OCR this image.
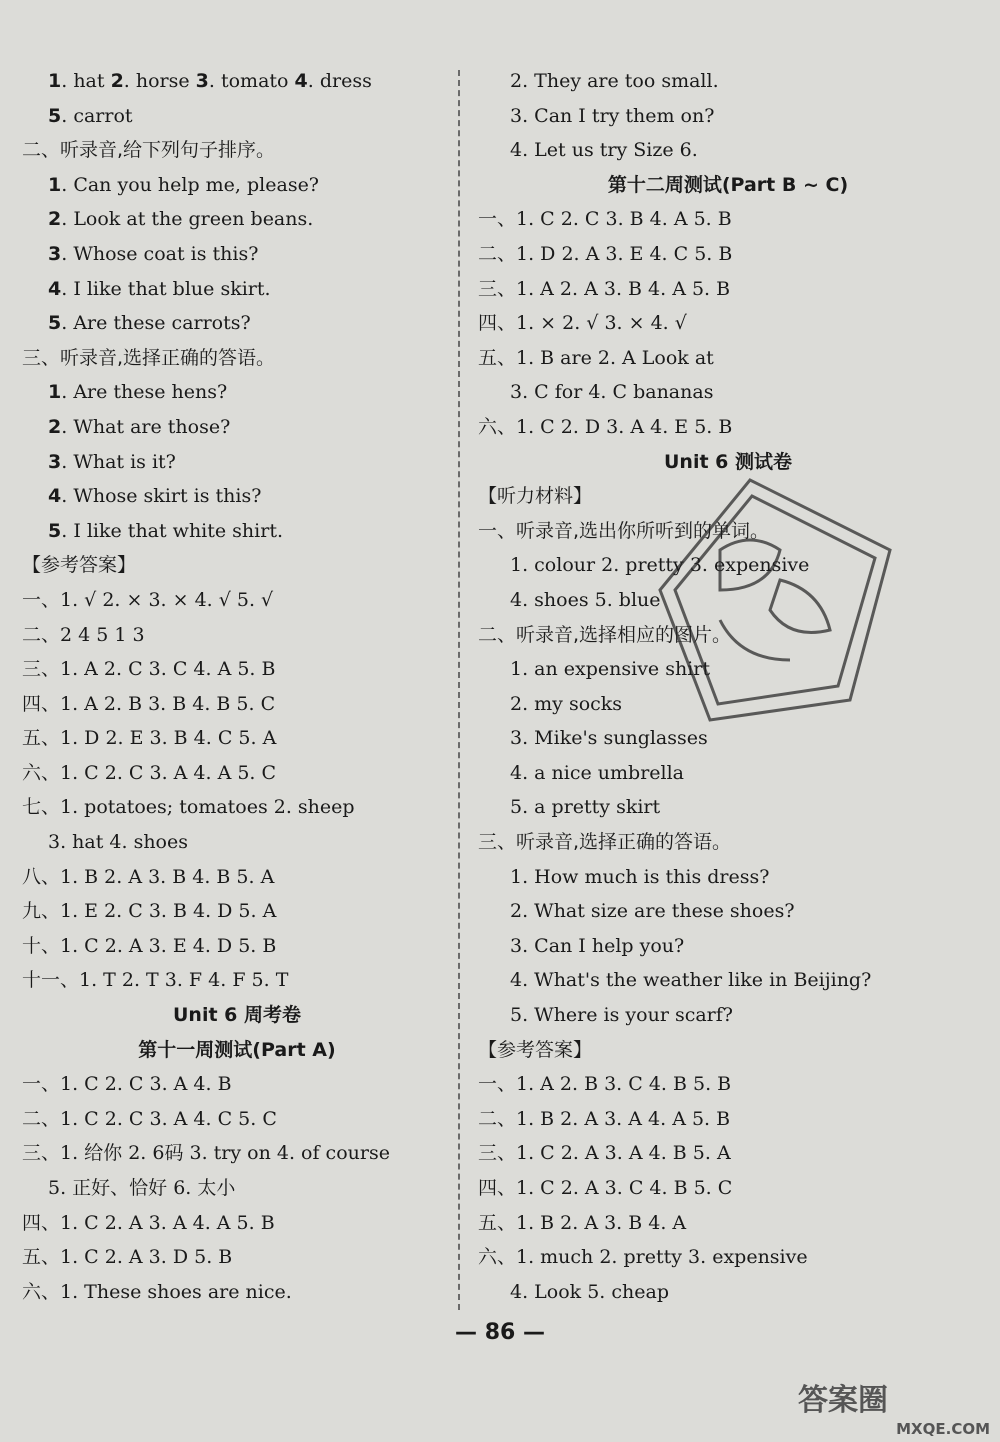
1. hat 2. horse 3. tomato 4. dress
5. carrot
二、听录音,给下列句子排序。
1. Can you help me, please?
2. Look at the green beans.
3. Whose coat is this?
4. I like that blue skirt.
5. Are these carrots?
三、听录音,选择正确的答语。
1. Are these hens?
2. What are those?
3. What is it?
4. Whose skirt is this?
5. I like that white shirt.
【参考答案】
一、1. √ 2. × 3. × 4. √ 5. √
二、2 4 5 1 3
三、1. A 2. C 3. C 4. A 5. B
四、1. A 2. B 3. B 4. B 5. C
五、1. D 2. E 3. B 4. C 5. A
六、1. C 2. C 3. A 4. A 5. C
七、1. potatoes; tomatoes 2. sheep
3. hat 4. shoes
八、1. B 2. A 3. B 4. B 5. A
九、1. E 2. C 3. B 4. D 5. A
十、1. C 2. A 3. E 4. D 5. B
十一、1. T 2. T 3. F 4. F 5. T
Unit 6 周考卷
第十一周测试(Part A)
一、1. C 2. C 3. A 4. B
二、1. C 2. C 3. A 4. C 5. C
三、1. 给你 2. 6码 3. try on 4. of course
5. 正好、恰好 6. 太小
四、1. C 2. A 3. A 4. A 5. B
五、1. C 2. A 3. D 5. B
六、1. These shoes are nice.
2. They are too small.
3. Can I try them on?
4. Let us try Size 6.
第十二周测试(Part B ~ C)
一、1. C 2. C 3. B 4. A 5. B
二、1. D 2. A 3. E 4. C 5. B
三、1. A 2. A 3. B 4. A 5. B
四、1. × 2. √ 3. × 4. √
五、1. B are 2. A Look at
3. C for 4. C bananas
六、1. C 2. D 3. A 4. E 5. B
Unit 6 测试卷
【听力材料】
一、听录音,选出你所听到的单词。
1. colour 2. pretty 3. expensive
4. shoes 5. blue
二、听录音,选择相应的图片。
1. an expensive shirt
2. my socks
3. Mike's sunglasses
4. a nice umbrella
5. a pretty skirt
三、听录音,选择正确的答语。
1. How much is this dress?
2. What size are these shoes?
3. Can I help you?
4. What's the weather like in Beijing?
5. Where is your scarf?
【参考答案】
一、1. A 2. B 3. C 4. B 5. B
二、1. B 2. A 3. A 4. A 5. B
三、1. C 2. A 3. A 4. B 5. A
四、1. C 2. A 3. C 4. B 5. C
五、1. B 2. A 3. B 4. A
六、1. much 2. pretty 3. expensive
4. Look 5. cheap
— 86 —
答案圈
MXQE.COM
